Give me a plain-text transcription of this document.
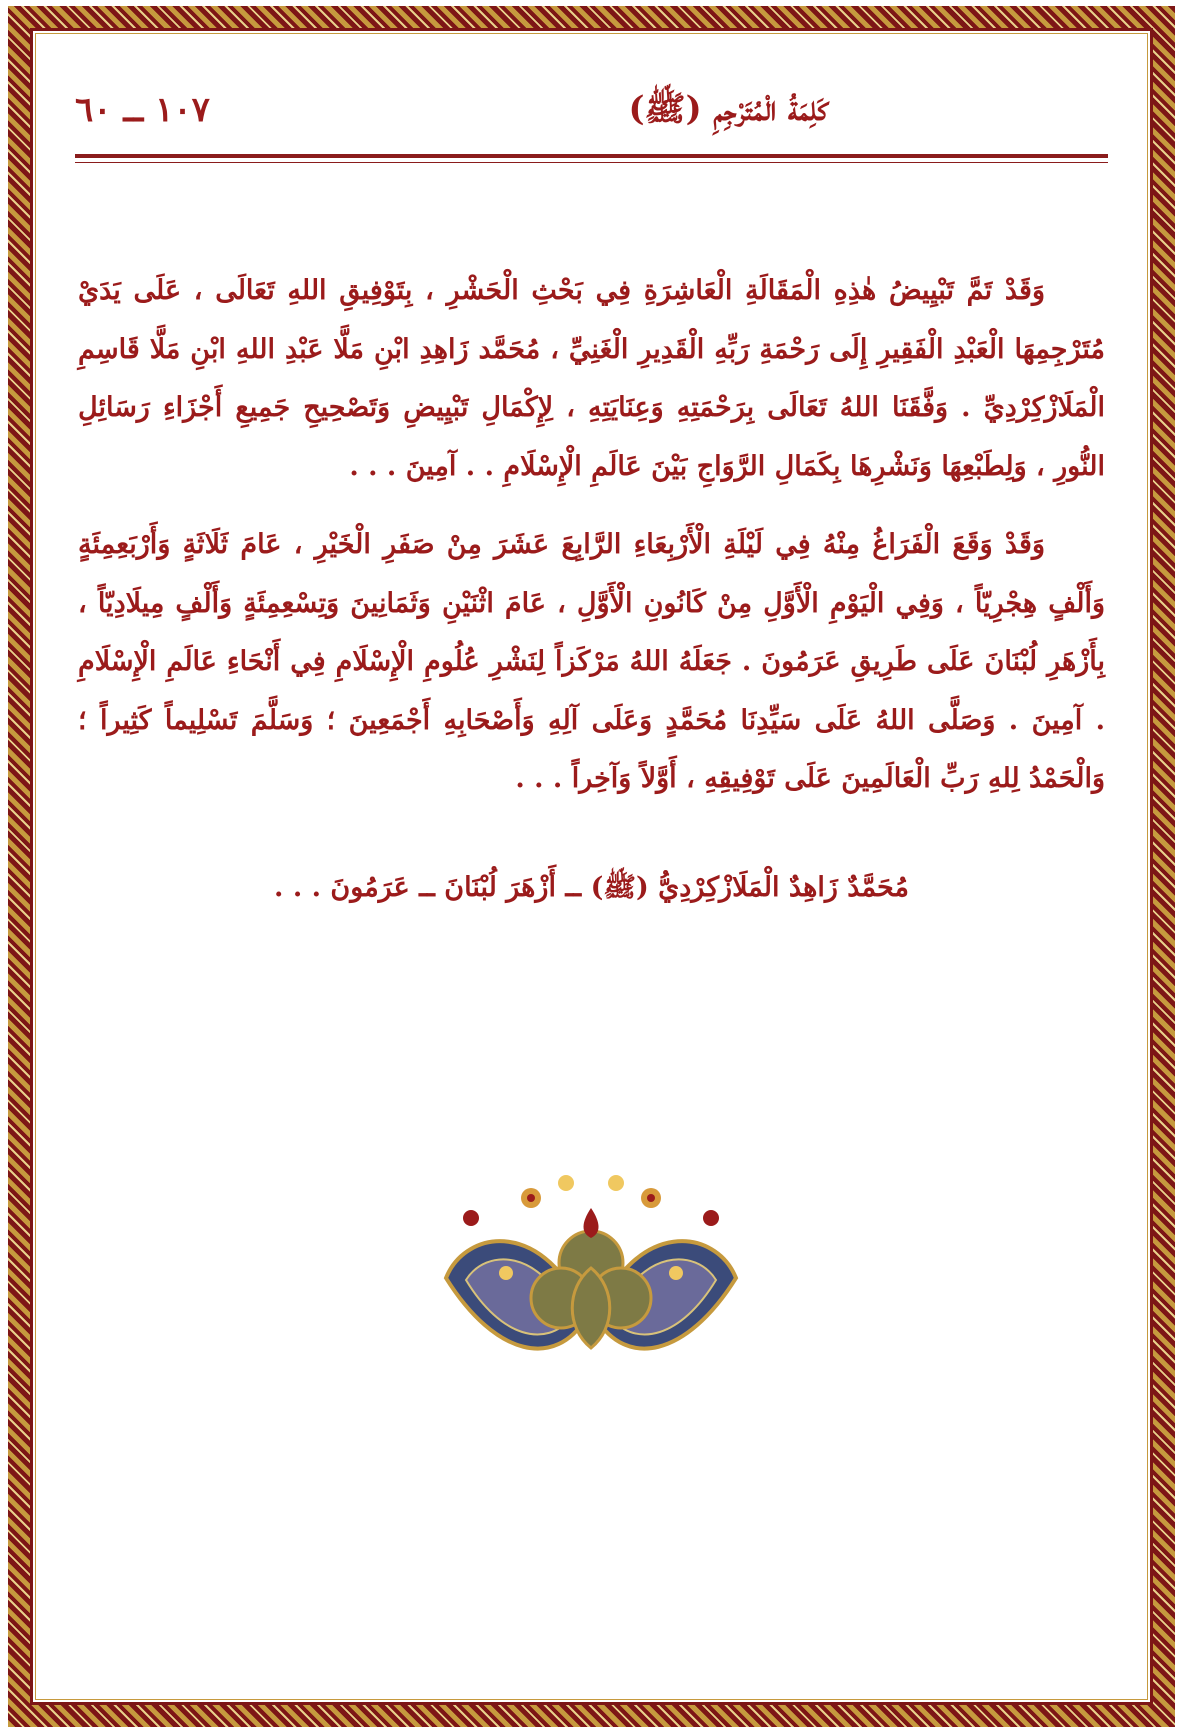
كَلِمَةُ الْمُتَرْجِمِ (ﷺ)
١٠٧ ــ ٦٠

وَقَدْ تَمَّ تَبْيِيضُ هٰذِهِ الْمَقَالَةِ الْعَاشِرَةِ فِي بَحْثِ الْحَشْرِ ، بِتَوْفِيقِ اللهِ تَعَالَى ، عَلَى يَدَيْ مُتَرْجِمِهَا الْعَبْدِ الْفَقِيرِ إِلَى رَحْمَةِ رَبِّهِ الْقَدِيرِ الْغَنِيِّ ، مُحَمَّد زَاهِدِ ابْنِ مَلَّا عَبْدِ اللهِ ابْنِ مَلَّا قَاسِمِ الْمَلَازْكِرْدِيِّ . وَفَّقَنَا اللهُ تَعَالَى بِرَحْمَتِهِ وَعِنَايَتِهِ ، لِإِكْمَالِ تَبْيِيضِ وَتَصْحِيحِ جَمِيعِ أَجْزَاءِ رَسَائِلِ النُّورِ ، وَلِطَبْعِهَا وَنَشْرِهَا بِكَمَالِ الرَّوَاجِ بَيْنَ عَالَمِ الْإِسْلَامِ . . آمِينَ . . .

وَقَدْ وَقَعَ الْفَرَاغُ مِنْهُ فِي لَيْلَةِ الْأَرْبِعَاءِ الرَّابِعَ عَشَرَ مِنْ صَفَرِ الْخَيْرِ ، عَامَ ثَلَاثَةٍ وَأَرْبَعِمِئَةٍ وَأَلْفٍ هِجْرِيّاً ، وَفِي الْيَوْمِ الْأَوَّلِ مِنْ كَانُونِ الْأَوَّلِ ، عَامَ اثْنَيْنِ وَثَمَانِينَ وَتِسْعِمِئَةٍ وَأَلْفٍ مِيلَادِيّاً ، بِأَزْهَرِ لُبْنَانَ عَلَى طَرِيقِ عَرَمُونَ . جَعَلَهُ اللهُ مَرْكَزاً لِنَشْرِ عُلُومِ الْإِسْلَامِ فِي أَنْحَاءِ عَالَمِ الْإِسْلَامِ . آمِينَ . وَصَلَّى اللهُ عَلَى سَيِّدِنَا مُحَمَّدٍ وَعَلَى آلِهِ وَأَصْحَابِهِ أَجْمَعِينَ ؛ وَسَلَّمَ تَسْلِيماً كَثِيراً ؛ وَالْحَمْدُ لِلهِ رَبِّ الْعَالَمِينَ عَلَى تَوْفِيقِهِ ، أَوَّلاً وَآخِراً . . .

مُحَمَّدٌ زَاهِدٌ الْمَلَازْكِرْدِيُّ (ﷺ) ــ أَزْهَرَ لُبْنَانَ ــ عَرَمُونَ . . .
